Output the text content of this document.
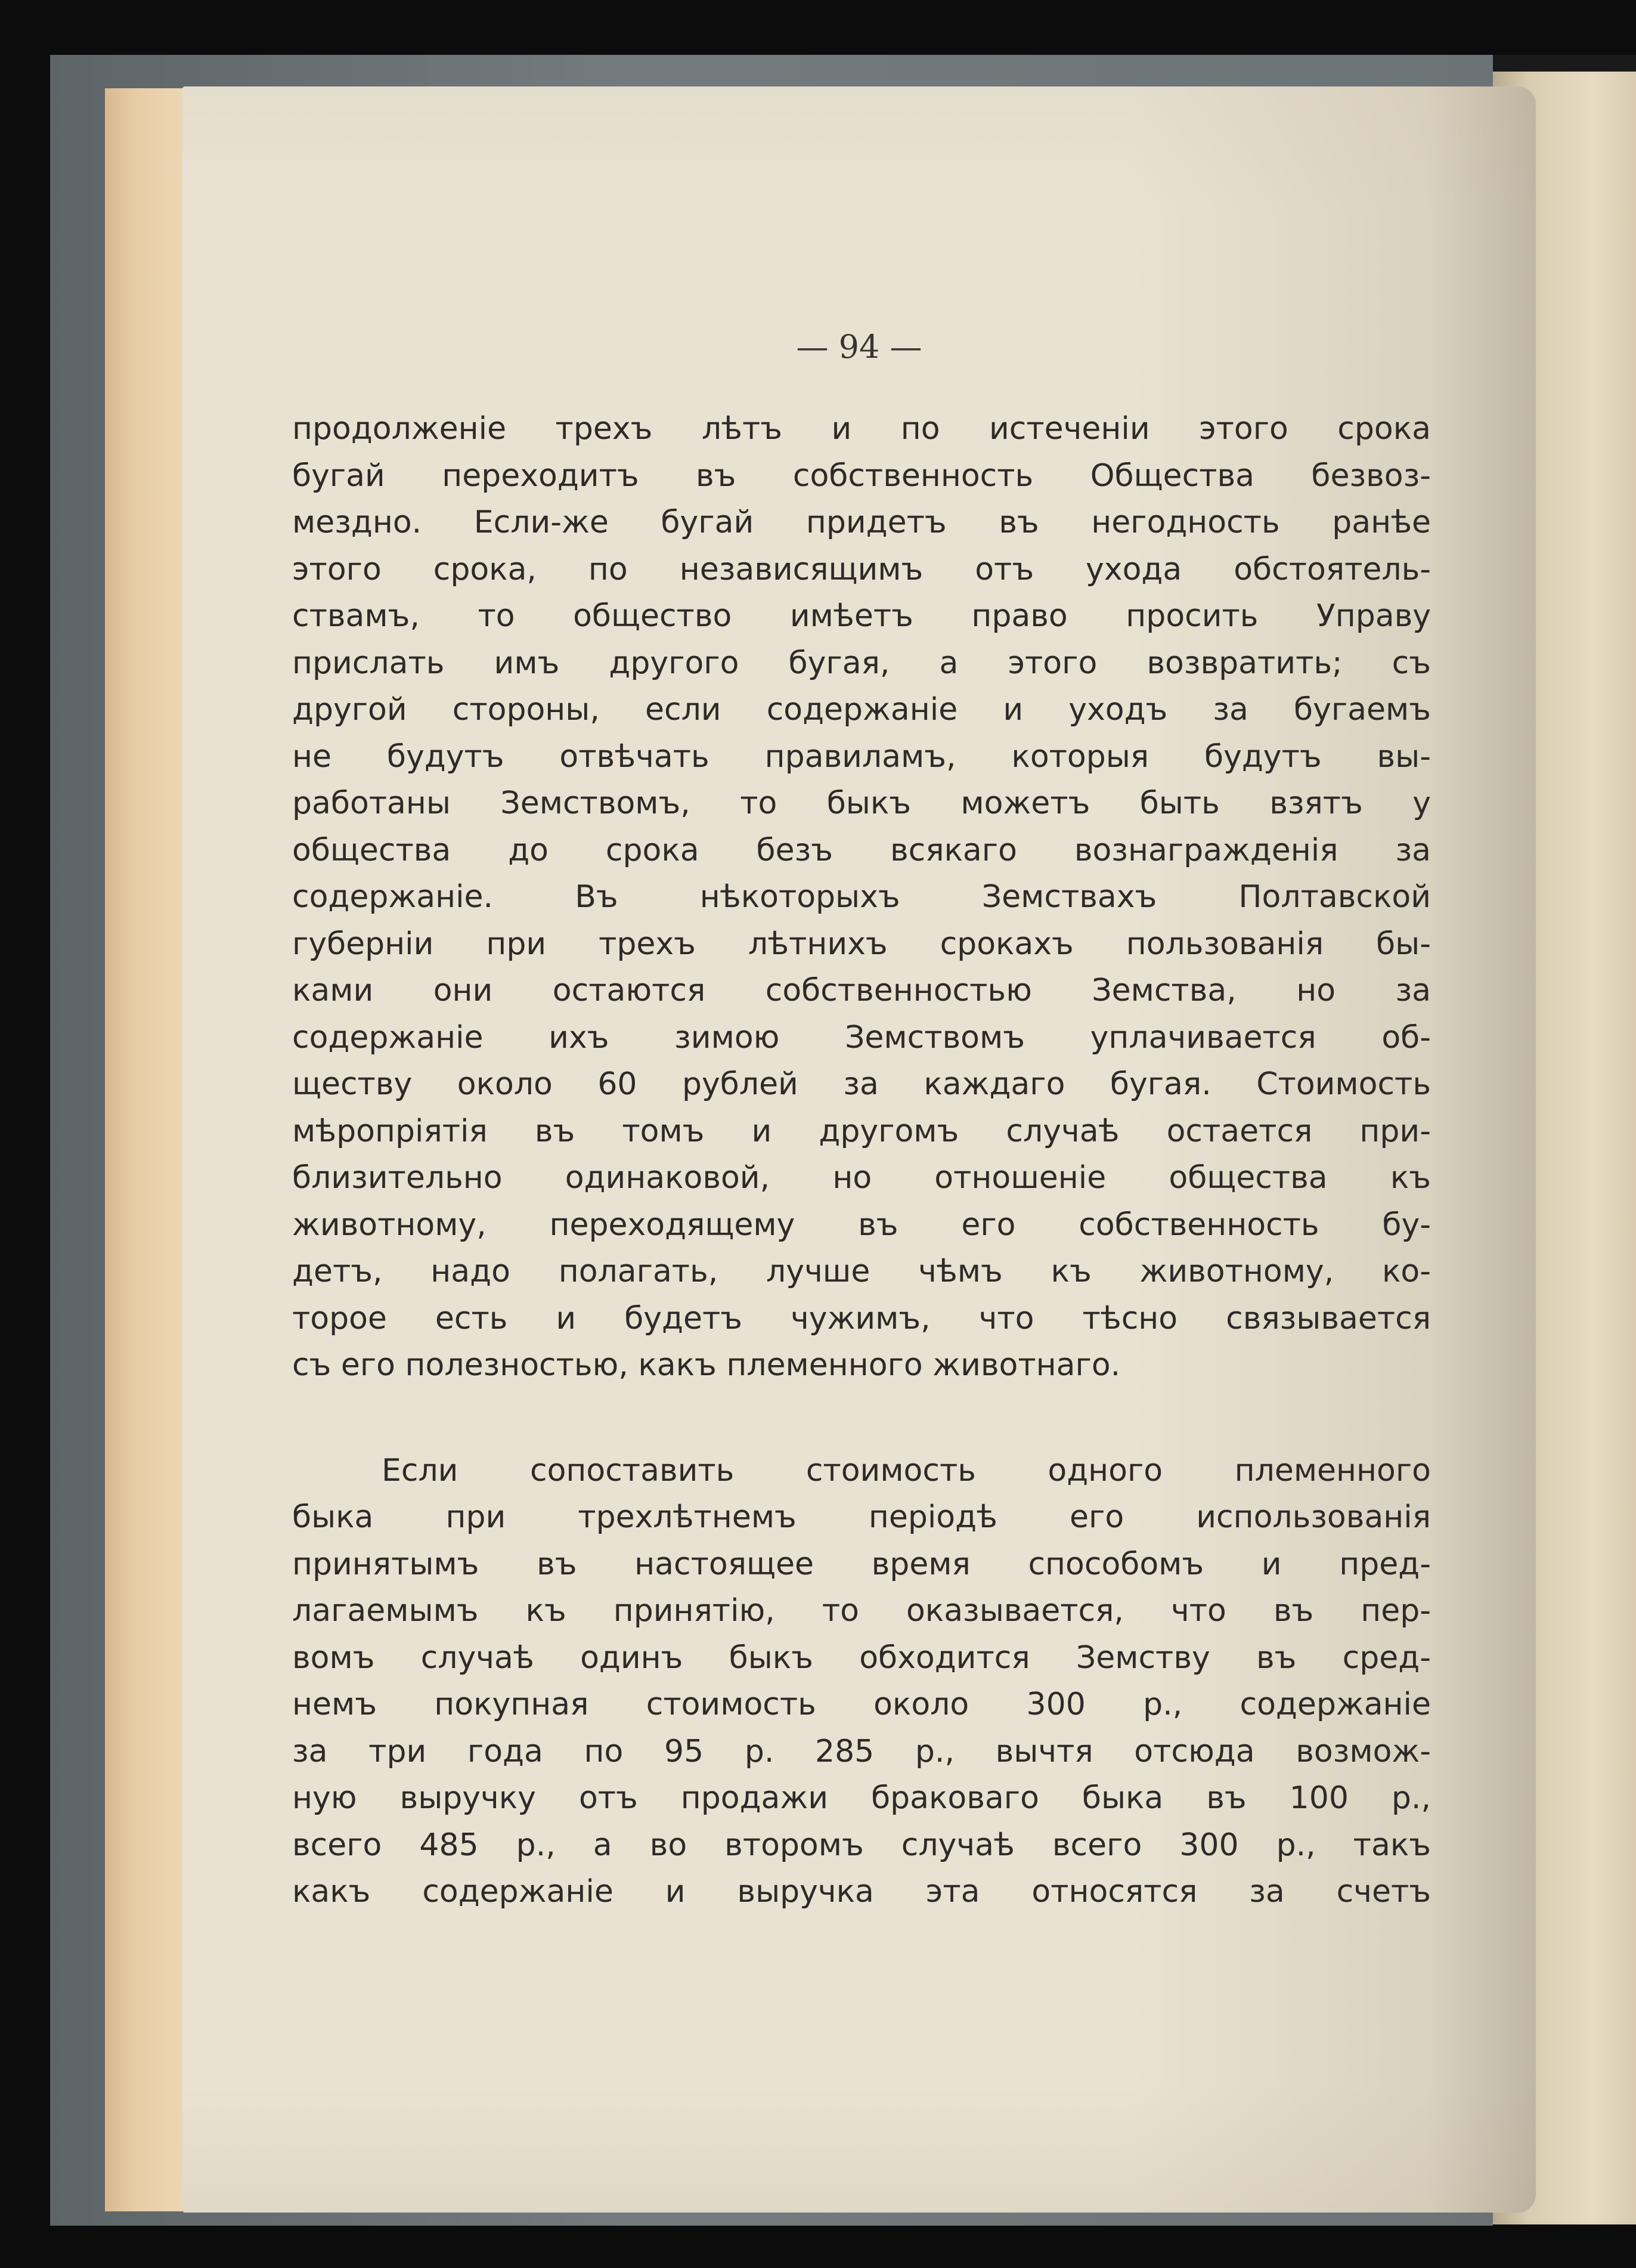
— 94 —
продолженіе трехъ лѣтъ и по истеченіи этого срока
бугай переходитъ въ собственность Общества безвоз-
мездно. Если-же бугай придетъ въ негодность ранѣе
этого срока, по независящимъ отъ ухода обстоятель-
ствамъ, то общество имѣетъ право просить Управу
прислать имъ другого бугая, а этого возвратить; съ
другой стороны, если содержаніе и уходъ за бугаемъ
не будутъ отвѣчать правиламъ, которыя будутъ вы-
работаны Земствомъ, то быкъ можетъ быть взятъ у
общества до срока безъ всякаго вознагражденія за
содержаніе. Въ нѣкоторыхъ Земствахъ Полтавской
губерніи при трехъ лѣтнихъ срокахъ пользованія бы-
ками они остаются собственностью Земства, но за
содержаніе ихъ зимою Земствомъ уплачивается об-
ществу около 60 рублей за каждаго бугая. Стоимость
мѣропріятія въ томъ и другомъ случаѣ остается при-
близительно одинаковой, но отношеніе общества къ
животному, переходящему въ его собственность бу-
детъ, надо полагать, лучше чѣмъ къ животному, ко-
торое есть и будетъ чужимъ, что тѣсно связывается
съ его полезностью, какъ племенного животнаго.
Если сопоставить стоимость одного племенного
быка при трехлѣтнемъ періодѣ его использованія
принятымъ въ настоящее время способомъ и пред-
лагаемымъ къ принятію, то оказывается, что въ пер-
вомъ случаѣ одинъ быкъ обходится Земству въ сред-
немъ покупная стоимость около 300 р., содержаніе
за три года по 95 р. 285 р., вычтя отсюда возмож-
ную выручку отъ продажи браковаго быка въ 100 р.,
всего 485 р., а во второмъ случаѣ всего 300 р., такъ
какъ содержаніе и выручка эта относятся за счетъ
